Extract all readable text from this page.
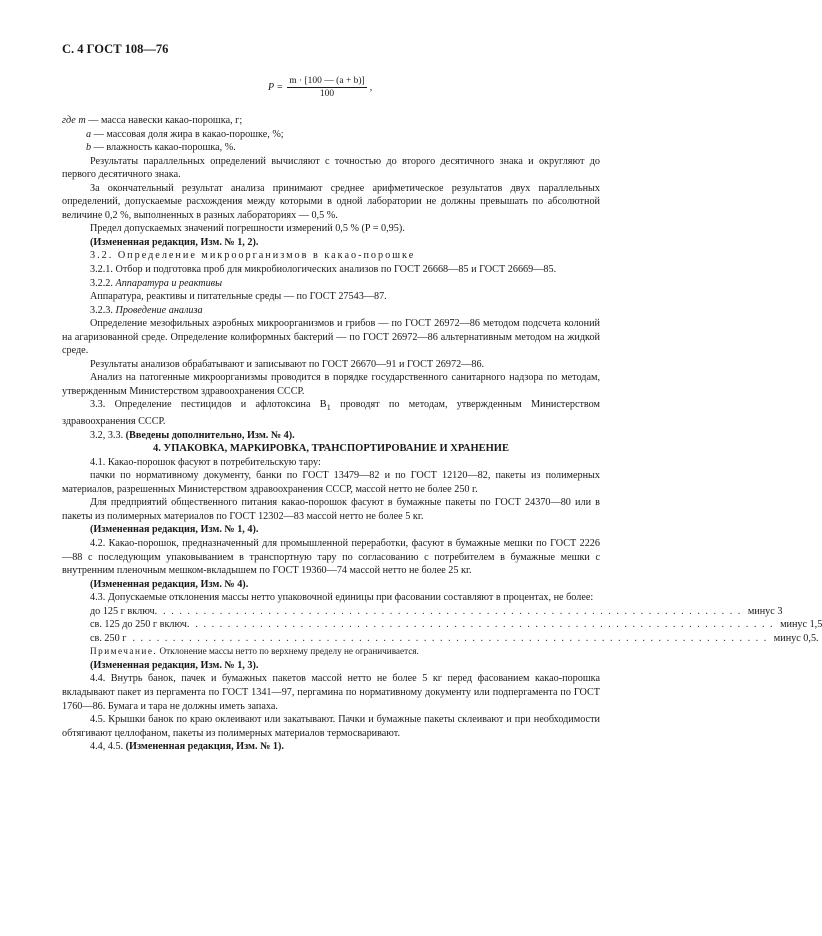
С. 4 ГОСТ 108—76
$P = \frac{m \cdot [100 — (a + b)]}{100}$ ,

где m — масса навески какао-порошка, г;

a — массовая доля жира в какао-порошке, %;

b — влажность какао-порошка, %.

Результаты параллельных определений вычисляют с точностью до второго десятичного знака и округляют до первого десятичного знака.

За окончательный результат анализа принимают среднее арифметическое результатов двух параллельных определений, допускаемые расхождения между которыми в одной лаборатории не должны превышать по абсолютной величине 0,2 %, выполненных в разных лабораториях — 0,5 %.

Предел допускаемых значений погрешности измерений 0,5 % (P = 0,95).

(Измененная редакция, Изм. № 1, 2).

3.2. Определение микроорганизмов в какао-порошке

3.2.1. Отбор и подготовка проб для микробиологических анализов по ГОСТ 26668—85 и ГОСТ 26669—85.

3.2.2. Аппаратура и реактивы

Аппаратура, реактивы и питательные среды — по ГОСТ 27543—87.

3.2.3. Проведение анализа

Определение мезофильных аэробных микроорганизмов и грибов — по ГОСТ 26972—86 методом подсчета колоний на агаризованной среде. Определение колиформных бактерий — по ГОСТ 26972—86 альтернативным методом на жидкой среде.

Результаты анализов обрабатывают и записывают по ГОСТ 26670—91 и ГОСТ 26972—86.

Анализ на патогенные микроорганизмы проводится в порядке государственного санитарного надзора по методам, утвержденным Министерством здравоохранения СССР.

3.3. Определение пестицидов и афлотоксина $B_1$ проводят по методам, утвержденным Министерством здравоохранения СССР.

3.2, 3.3. (Введены дополнительно, Изм. № 4).

4. УПАКОВКА, МАРКИРОВКА, ТРАНСПОРТИРОВАНИЕ И ХРАНЕНИЕ

4.1. Какао-порошок фасуют в потребительскую тару:

пачки по нормативному документу, банки по ГОСТ 13479—82 и по ГОСТ 12120—82, пакеты из полимерных материалов, разрешенных Министерством здравоохранения СССР, массой нетто не более 250 г.

Для предприятий общественного питания какао-порошок фасуют в бумажные пакеты по ГОСТ 24370—80 или в пакеты из полимерных материалов по ГОСТ 12302—83 массой нетто не более 5 кг.

(Измененная редакция, Изм. № 1, 4).

4.2. Какао-порошок, предназначенный для промышленной переработки, фасуют в бумажные мешки по ГОСТ 2226—88 с последующим упаковыванием в транспортную тару по согласованию с потребителем в бумажные мешки с внутренним пленочным мешком-вкладышем по ГОСТ 19360—74 массой нетто не более 25 кг.

(Измененная редакция, Изм. № 4).

4.3. Допускаемые отклонения массы нетто упаковочной единицы при фасовании составляют в процентах, не более:

до 125 г включ. . . . . . . . . . . . . . . . . . . . . . . . . . . . . . . . . . . . . . . . . . . . . . . . . . . . . . . . . . . . . . . . . . . . . . . . . минус 3
св. 125 до 250 г включ. . . . . . . . . . . . . . . . . . . . . . . . . . . . . . . . . . . . . . . . . . . . . . . . . . . . . . . . . . . . . . . . . . . . . . . . . минус 1,5
св. 250 г . . . . . . . . . . . . . . . . . . . . . . . . . . . . . . . . . . . . . . . . . . . . . . . . . . . . . . . . . . . . . . . . . . . . . . . . . . . . . . . минус 0,5.

Примечание. Отклонение массы нетто по верхнему пределу не ограничивается.

(Измененная редакция, Изм. № 1, 3).

4.4. Внутрь банок, пачек и бумажных пакетов массой нетто не более 5 кг перед фасованием какао-порошка вкладывают пакет из пергамента по ГОСТ 1341—97, пергамина по нормативному документу или подпергамента по ГОСТ 1760—86. Бумага и тара не должны иметь запаха.

4.5. Крышки банок по краю оклеивают или закатывают. Пачки и бумажные пакеты склеивают и при необходимости обтягивают целлофаном, пакеты из полимерных материалов термосваривают.

4.4, 4.5. (Измененная редакция, Изм. № 1).
